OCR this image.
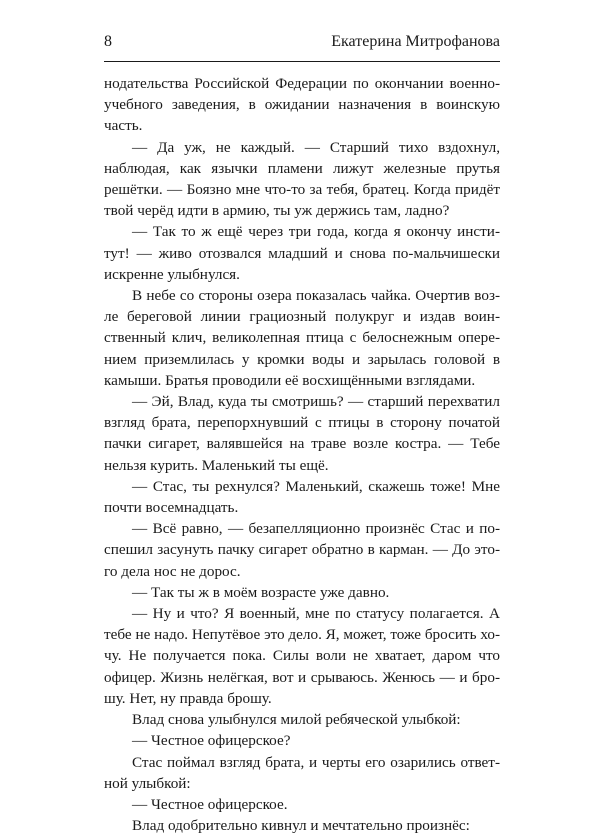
8	Екатерина Митрофанова

нодательства Российской Федерации по окончании военноучебного заведения, в ожидании назначения в воинскую часть.

— Да уж, не каждый. — Старший тихо вздохнул, наблюдая, как язычки пламени лижут железные прутья решётки. — Боязно мне что-то за тебя, братец. Когда придёт твой черёд идти в армию, ты уж держись там, ладно?

— Так то ж ещё через три года, когда я окончу институт! — живо отозвался младший и снова по-мальчишески искренне улыбнулся.

В небе со стороны озера показалась чайка. Очертив возле береговой линии грациозный полукруг и издав воинственный клич, великолепная птица с белоснежным оперением приземлилась у кромки воды и зарылась головой в камыши. Братья проводили её восхищёнными взглядами.

— Эй, Влад, куда ты смотришь? — старший перехватил взгляд брата, перепорхнувший с птицы в сторону початой пачки сигарет, валявшейся на траве возле костра. — Тебе нельзя курить. Маленький ты ещё.

— Стас, ты рехнулся? Маленький, скажешь тоже! Мне почти восемнадцать.

— Всё равно, — безапелляционно произнёс Стас и поспешил засунуть пачку сигарет обратно в карман. — До этого дела нос не дорос.

— Так ты ж в моём возрасте уже давно.

— Ну и что? Я военный, мне по статусу полагается. А тебе не надо. Непутёвое это дело. Я, может, тоже бросить хочу. Не получается пока. Силы воли не хватает, даром что офицер. Жизнь нелёгкая, вот и срываюсь. Женюсь — и брошу. Нет, ну правда брошу.

Влад снова улыбнулся милой ребяческой улыбкой:

— Честное офицерское?

Стас поймал взгляд брата, и черты его озарились ответной улыбкой:

— Честное офицерское.

Влад одобрительно кивнул и мечтательно произнёс:
